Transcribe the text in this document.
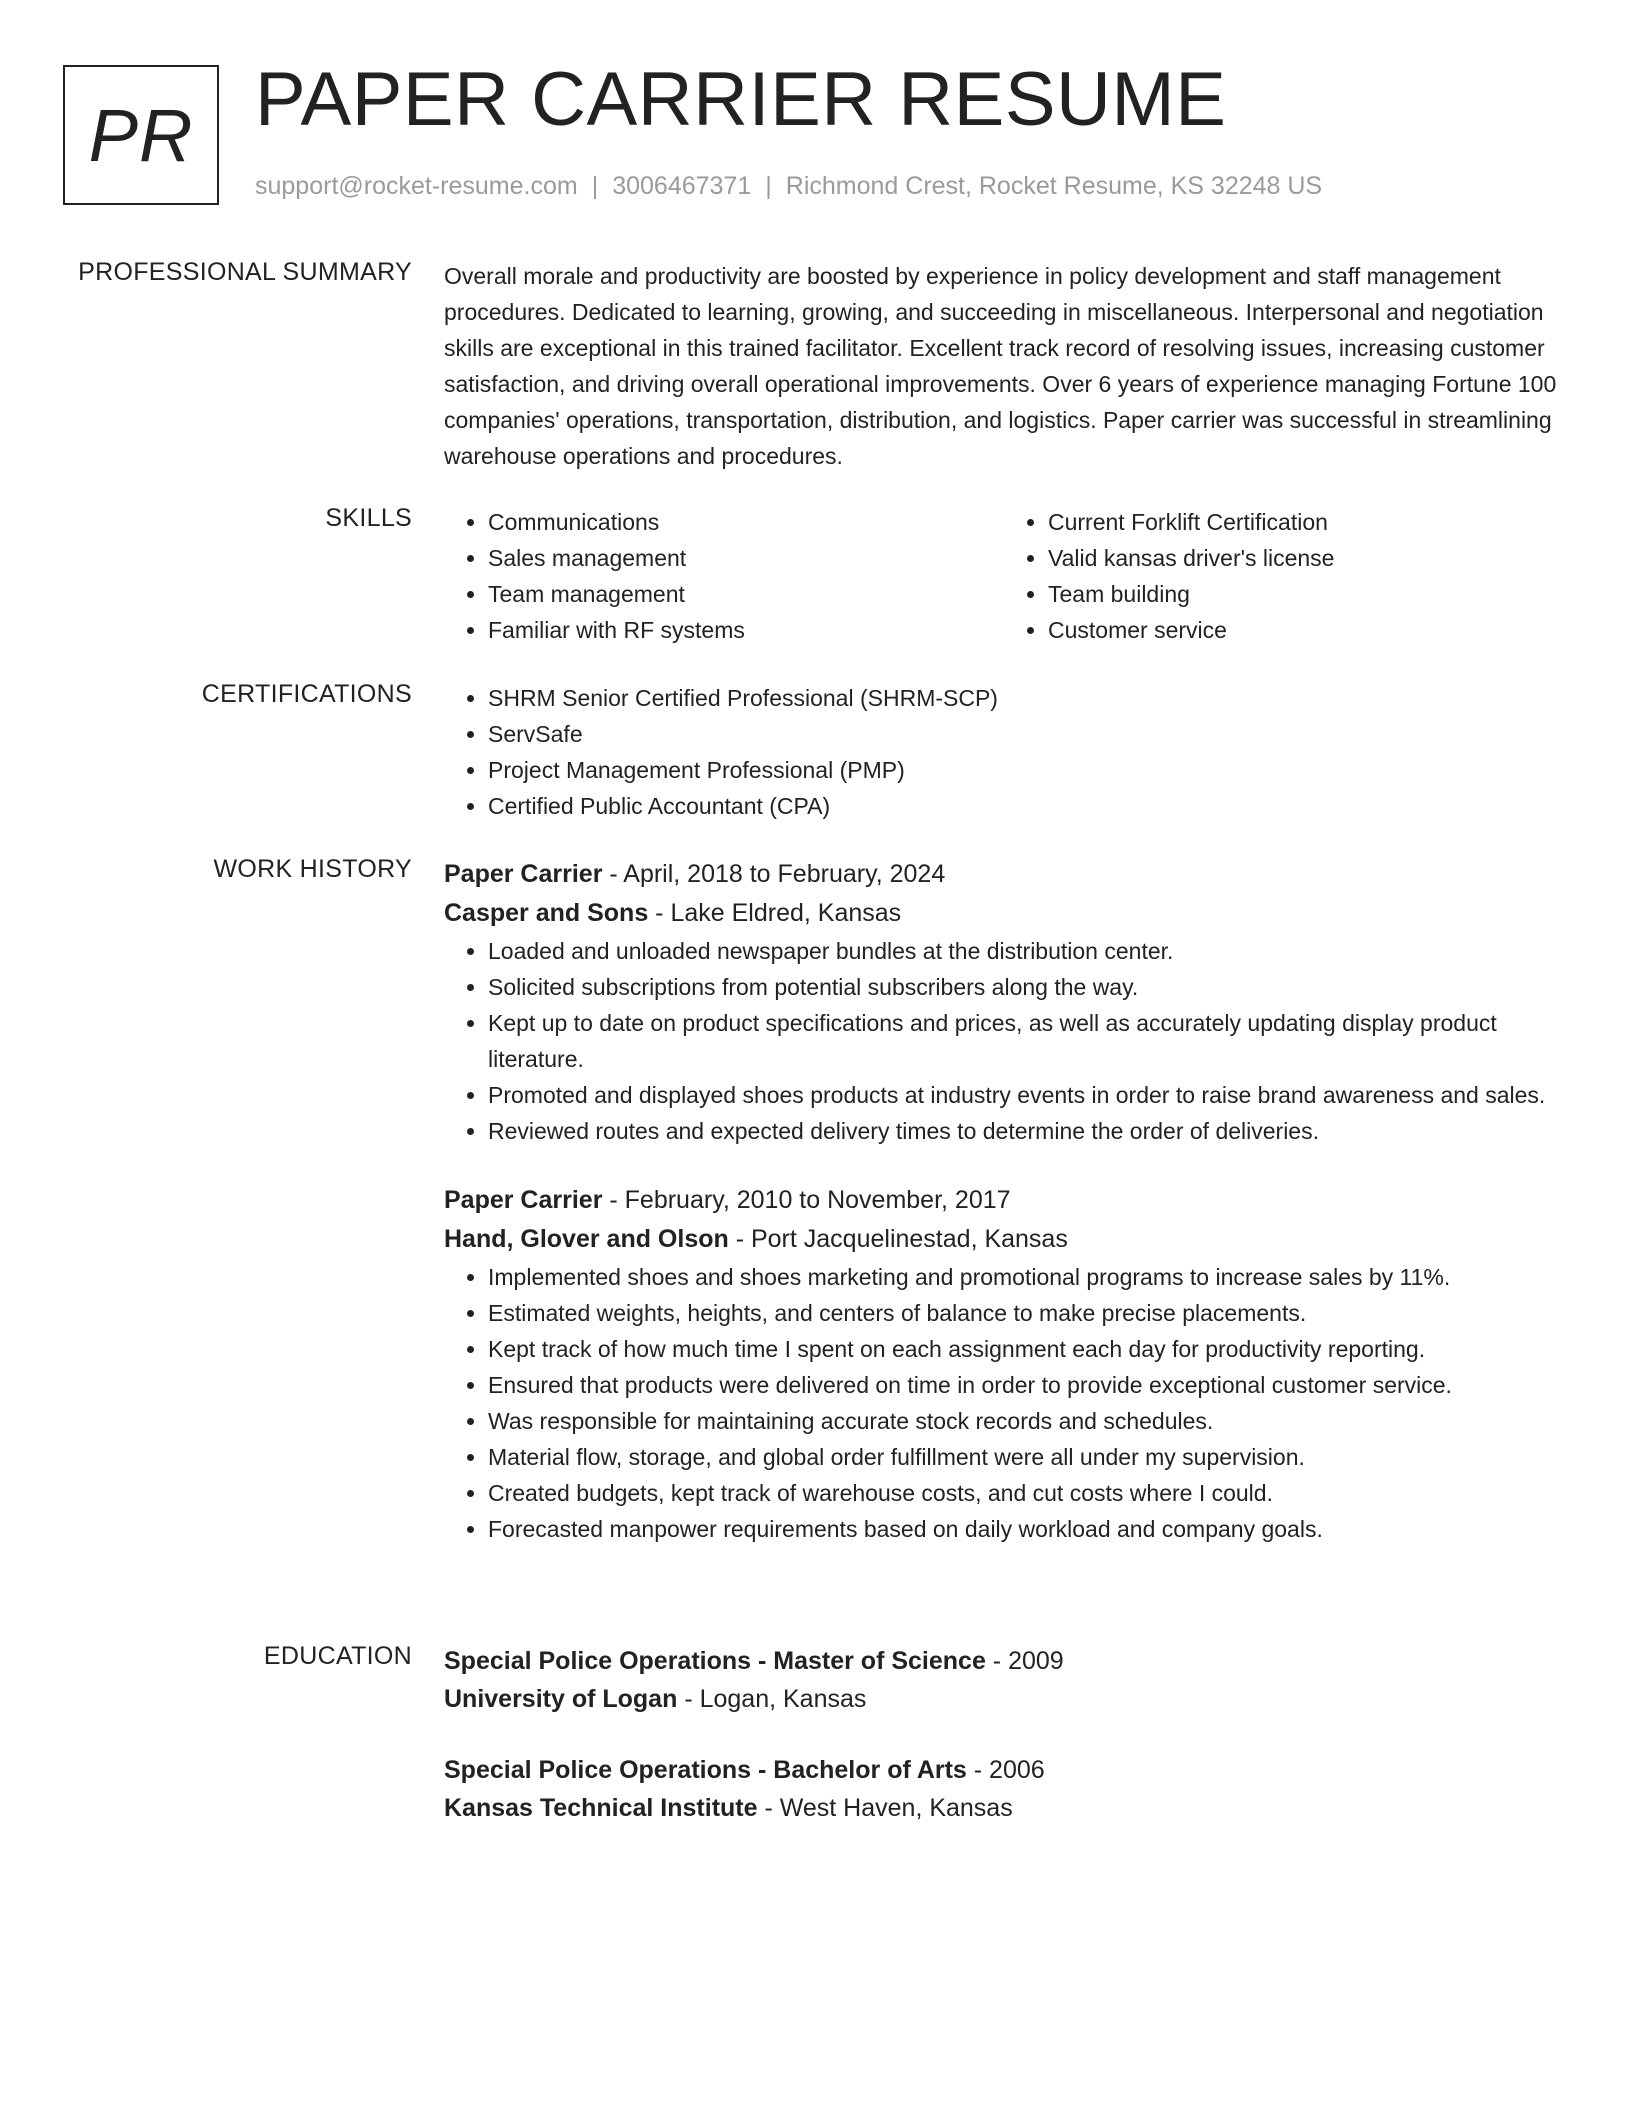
PR PAPER CARRIER RESUME
support@rocket-resume.com | 3006467371 | Richmond Crest, Rocket Resume, KS 32248 US
PROFESSIONAL SUMMARY Overall morale and productivity are boosted by experience in policy development and staff management procedures. Dedicated to learning, growing, and succeeding in miscellaneous. Interpersonal and negotiation skills are exceptional in this trained facilitator. Excellent track record of resolving issues, increasing customer satisfaction, and driving overall operational improvements. Over 6 years of experience managing Fortune 100 companies' operations, transportation, distribution, and logistics. Paper carrier was successful in streamlining warehouse operations and procedures.

SKILLS	• Communications
• Sales management
• Team management
• Familiar with RF systems
• Current Forklift Certification
• Valid kansas driver's license
• Team building
• Customer service
CERTIFICATIONS	• SHRM Senior Certified Professional (SHRM-SCP)
• ServSafe
• Project Management Professional (PMP)
• Certified Public Accountant (CPA)
WORK HISTORY Paper Carrier - April, 2018 to February, 2024
Casper and Sons - Lake Eldred, Kansas
• Loaded and unloaded newspaper bundles at the distribution center.
• Solicited subscriptions from potential subscribers along the way.
• Kept up to date on product specifications and prices, as well as accurately updating display product literature.
• Promoted and displayed shoes products at industry events in order to raise brand awareness and sales.
• Reviewed routes and expected delivery times to determine the order of deliveries.
Paper Carrier - February, 2010 to November, 2017
Hand, Glover and Olson - Port Jacquelinestad, Kansas
• Implemented shoes and shoes marketing and promotional programs to increase sales by 11%.
• Estimated weights, heights, and centers of balance to make precise placements.
• Kept track of how much time I spent on each assignment each day for productivity reporting.
• Ensured that products were delivered on time in order to provide exceptional customer service.
• Was responsible for maintaining accurate stock records and schedules.
• Material flow, storage, and global order fulfillment were all under my supervision.
• Created budgets, kept track of warehouse costs, and cut costs where I could.
• Forecasted manpower requirements based on daily workload and company goals.
EDUCATION Special Police Operations - Master of Science - 2009
University of Logan - Logan, Kansas
Special Police Operations - Bachelor of Arts - 2006
Kansas Technical Institute - West Haven, Kansas
